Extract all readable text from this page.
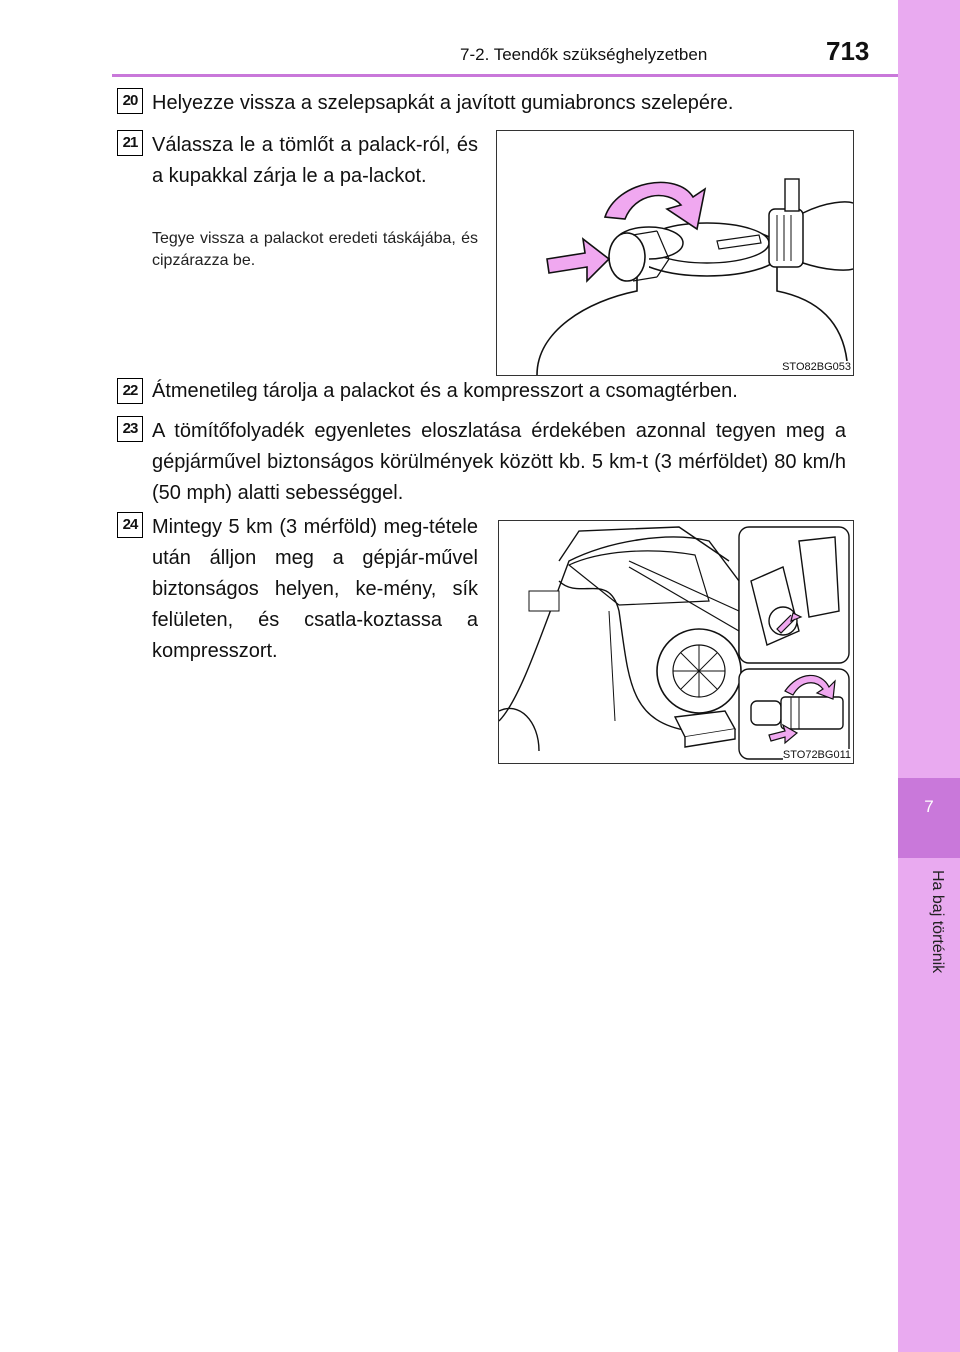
7-2. Teendők szükséghelyzetben	713
7
Ha baj történik
20 Helyezze vissza a szelepsapkát a javított gumiabroncs szelepére.
21 Válassza le a tömlőt a palack-ról, és a kupakkal zárja le a pa-lackot.
Tegye vissza a palackot eredeti táskájába, és cipzárazza be.
STO82BG053
22 Átmenetileg tárolja a palackot és a kompresszort a csomagtérben.
23 A tömítőfolyadék egyenletes eloszlatása érdekében azonnal tegyen meg a gépjárművel biztonságos körülmények között kb. 5 km-t (3 mérföldet) 80 km/h (50 mph) alatti sebességgel.
24 Mintegy 5 km (3 mérföld) meg-tétele után álljon meg a gépjár-művel biztonságos helyen, ke-mény, sík felületen, és csatla-koztassa a kompresszort.
STO72BG011
